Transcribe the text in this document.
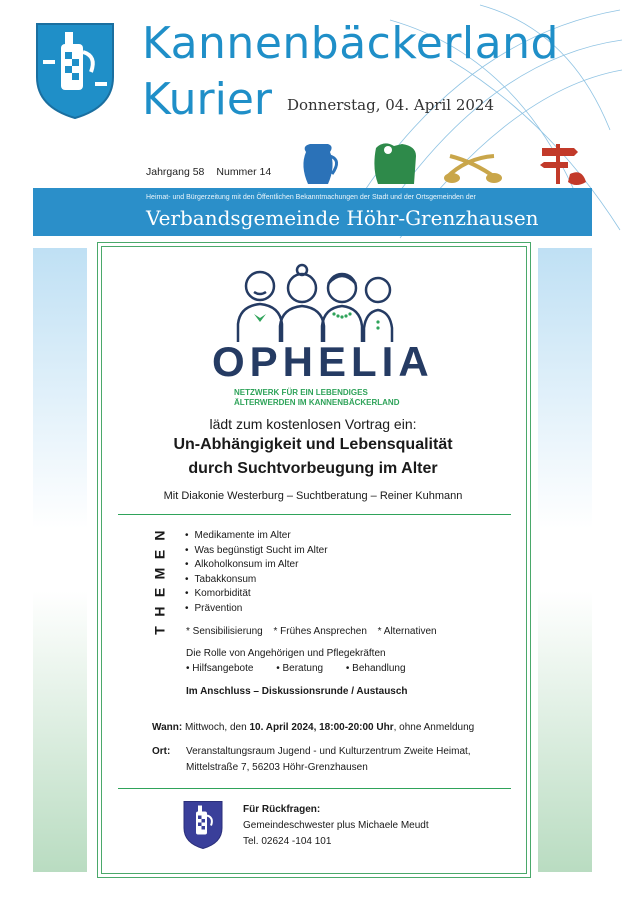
Kannenbäckerland
Kurier Donnerstag, 04. April 2024
Jahrgang 58 Nummer 14
Heimat- und Bürgerzeitung mit den Öffentlichen Bekanntmachungen der Stadt und der Ortsgemeinden der
Verbandsgemeinde Höhr-Grenzhausen
OPHELIA
NETZWERK FÜR EIN LEBENDIGES
ÄLTERWERDEN IM KANNENBÄCKERLAND
lädt zum kostenlosen Vortrag ein:
Un-Abhängigkeit und Lebensqualität
durch Suchtvorbeugung im Alter
Mit Diakonie Westerburg – Suchtberatung – Reiner Kuhmann
N
E
M
E
H
T
• Medikamente im Alter
• Was begünstigt Sucht im Alter
• Alkoholkonsum im Alter
• Tabakkonsum
• Komorbidität
• Prävention
* Sensibilisierung * Frühes Ansprechen * Alternativen
Die Rolle von Angehörigen und Pflegekräften
• Hilfsangebote • Beratung • Behandlung
Im Anschluss – Diskussionsrunde / Austausch
Wann: Mittwoch, den 10. April 2024, 18:00-20:00 Uhr, ohne Anmeldung
Ort: Veranstaltungsraum Jugend - und Kulturzentrum Zweite Heimat,
Mittelstraße 7, 56203 Höhr-Grenzhausen
Für Rückfragen:
Gemeindeschwester plus Michaele Meudt
Tel. 02624 -104 101
